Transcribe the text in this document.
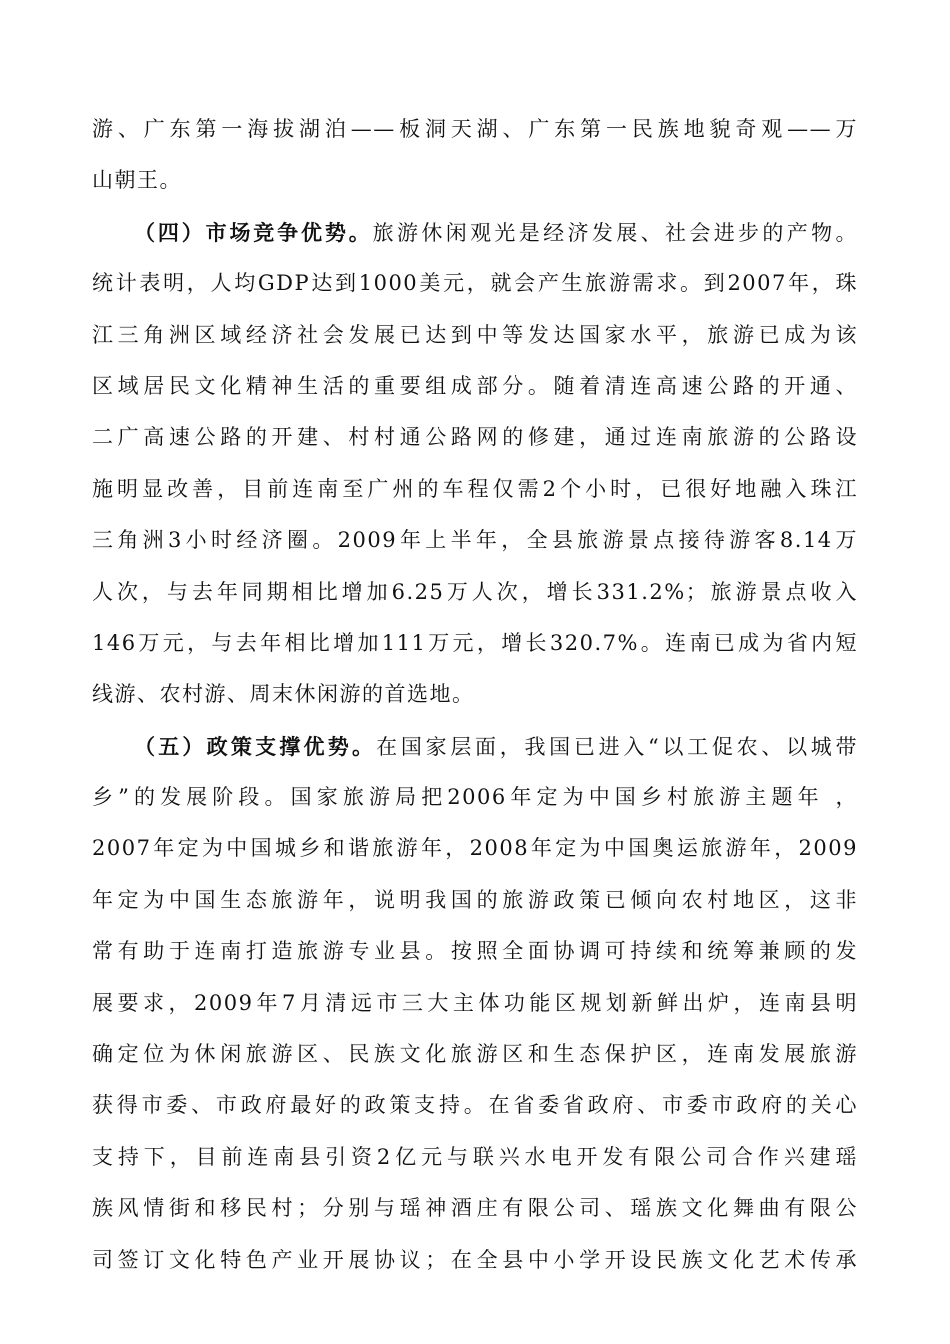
游、广东第一海拔湖泊——板洞天湖、广东第一民族地貌奇观——万
山朝王。
（四）市场竞争优势。旅游休闲观光是经济发展、社会进步的产物。
统计表明，人均GDP达到1000美元，就会产生旅游需求。到2007年，珠
江三角洲区域经济社会发展已达到中等发达国家水平，旅游已成为该
区域居民文化精神生活的重要组成部分。随着清连高速公路的开通、
二广高速公路的开建、村村通公路网的修建，通过连南旅游的公路设
施明显改善，目前连南至广州的车程仅需2个小时，已很好地融入珠江
三角洲3小时经济圈。2009年上半年，全县旅游景点接待游客8.14万
人次，与去年同期相比增加6.25万人次，增长331.2%；旅游景点收入
146万元，与去年相比增加111万元，增长320.7%。连南已成为省内短
线游、农村游、周末休闲游的首选地。
（五）政策支撑优势。在国家层面，我国已进入“以工促农、以城带
乡”的发展阶段。国家旅游局把2006年定为中国乡村旅游主题年 ，
2007年定为中国城乡和谐旅游年，2008年定为中国奥运旅游年，2009
年定为中国生态旅游年，说明我国的旅游政策已倾向农村地区，这非
常有助于连南打造旅游专业县。按照全面协调可持续和统筹兼顾的发
展要求，2009年7月清远市三大主体功能区规划新鲜出炉，连南县明
确定位为休闲旅游区、民族文化旅游区和生态保护区，连南发展旅游
获得市委、市政府最好的政策支持。在省委省政府、市委市政府的关心
支持下，目前连南县引资2亿元与联兴水电开发有限公司合作兴建瑶
族风情街和移民村；分别与瑶神酒庄有限公司、瑶族文化舞曲有限公
司签订文化特色产业开展协议；在全县中小学开设民族文化艺术传承
